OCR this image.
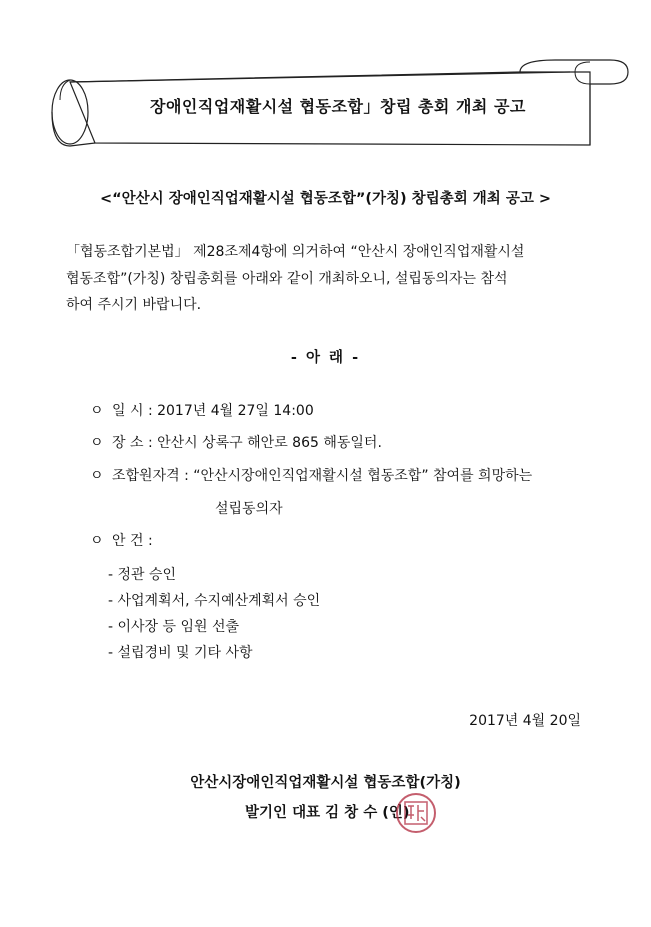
장애인직업재활시설 협동조합」창립 총회 개최 공고
<“안산시 장애인직업재활시설 협동조합”(가칭) 창립총회 개최 공고 >
「협동조합기본법」 제28조제4항에 의거하여 “안산시 장애인직업재활시설
협동조합”(가칭) 창립총회를 아래와 같이 개최하오니, 설립동의자는 참석
하여 주시기 바랍니다.
- 아 래 -
ㅇ 일 시 : 2017년 4월 27일 14:00
ㅇ 장 소 : 안산시 상록구 해안로 865 해동일터.
ㅇ 조합원자격 : “안산시장애인직업재활시설 협동조합” 참여를 희망하는
설립동의자
ㅇ 안 건 :
- 정관 승인
- 사업계획서, 수지예산계획서 승인
- 이사장 등 임원 선출
- 설립경비 및 기타 사항
2017년 4월 20일
안산시장애인직업재활시설 협동조합(가칭)
발기인 대표 김 창 수 (인)
